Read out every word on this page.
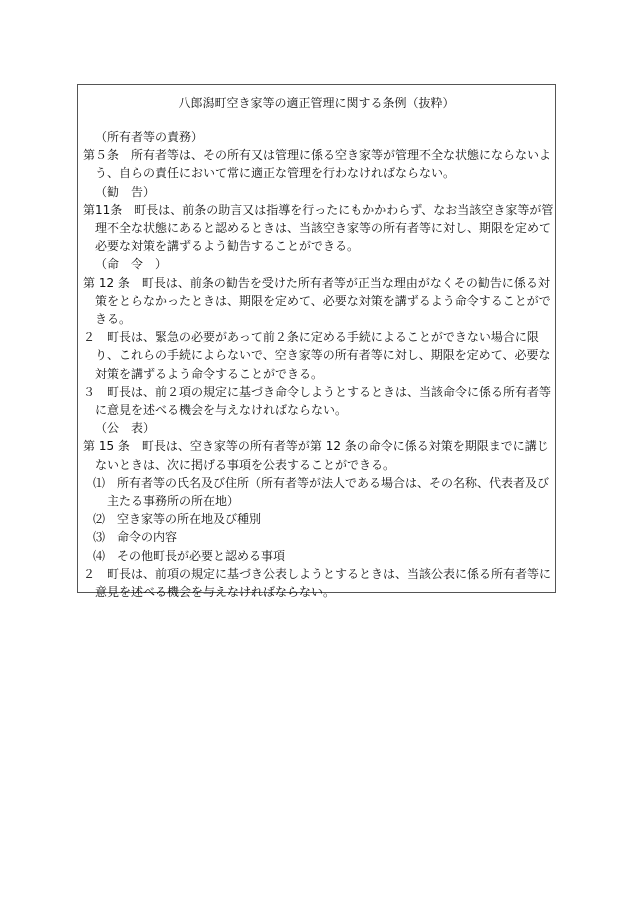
八郎潟町空き家等の適正管理に関する条例（抜粋）
（所有者等の責務）
第５条　所有者等は、その所有又は管理に係る空き家等が管理不全な状態にならないよう、自らの責任において常に適正な管理を行わなければならない。
（勧　告）
第11条　町長は、前条の助言又は指導を行ったにもかかわらず、なお当該空き家等が管理不全な状態にあると認めるときは、当該空き家等の所有者等に対し、期限を定めて必要な対策を講ずるよう勧告することができる。
（命　令　）
第 12 条　町長は、前条の勧告を受けた所有者等が正当な理由がなくその勧告に係る対策をとらなかったときは、期限を定めて、必要な対策を講ずるよう命令することができる。
２　町長は、緊急の必要があって前２条に定める手続によることができない場合に限り、これらの手続によらないで、空き家等の所有者等に対し、期限を定めて、必要な対策を講ずるよう命令することができる。
３　町長は、前２項の規定に基づき命令しようとするときは、当該命令に係る所有者等に意見を述べる機会を与えなければならない。
（公　表）
第 15 条　町長は、空き家等の所有者等が第 12 条の命令に係る対策を期限までに講じないときは、次に掲げる事項を公表することができる。
⑴　所有者等の氏名及び住所（所有者等が法人である場合は、その名称、代表者及び主たる事務所の所在地）
⑵　空き家等の所在地及び種別
⑶　命令の内容
⑷　その他町長が必要と認める事項
２　町長は、前項の規定に基づき公表しようとするときは、当該公表に係る所有者等に意見を述べる機会を与えなければならない。
